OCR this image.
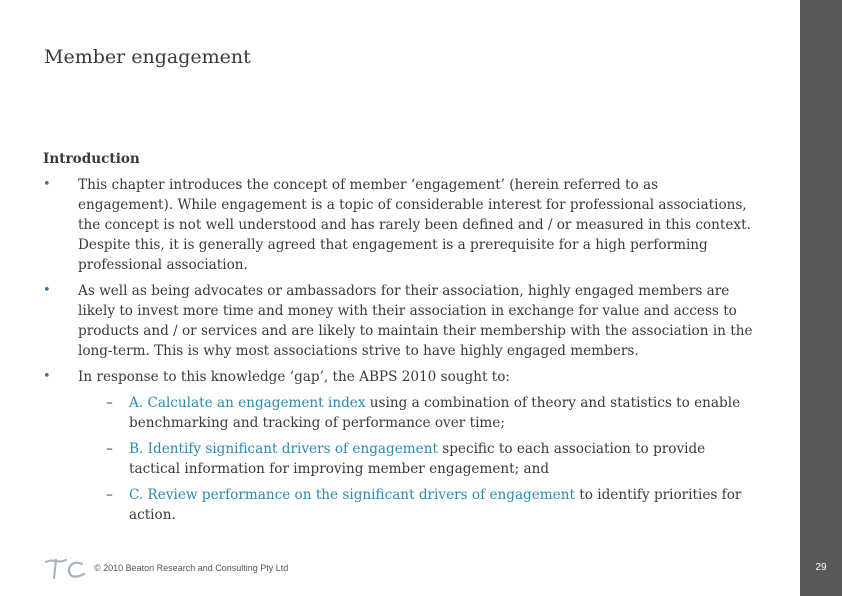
29
Member engagement

Introduction

• This chapter introduces the concept of member ‘engagement’ (herein referred to as engagement). While engagement is a topic of considerable interest for professional associations, the concept is not well understood and has rarely been defined and / or measured in this context. Despite this, it is generally agreed that engagement is a prerequisite for a high performing professional association.
• As well as being advocates or ambassadors for their association, highly engaged members are likely to invest more time and money with their association in exchange for value and access to products and / or services and are likely to maintain their membership with the association in the long-term. This is why most associations strive to have highly engaged members.
• In response to this knowledge ‘gap’, the ABPS 2010 sought to:
– A. Calculate an engagement index using a combination of theory and statistics to enable benchmarking and tracking of performance over time;
– B. Identify significant drivers of engagement specific to each association to provide tactical information for improving member engagement; and
– C. Review performance on the significant drivers of engagement to identify priorities for action.
© 2010 Beaton Research and Consulting Pty Ltd
